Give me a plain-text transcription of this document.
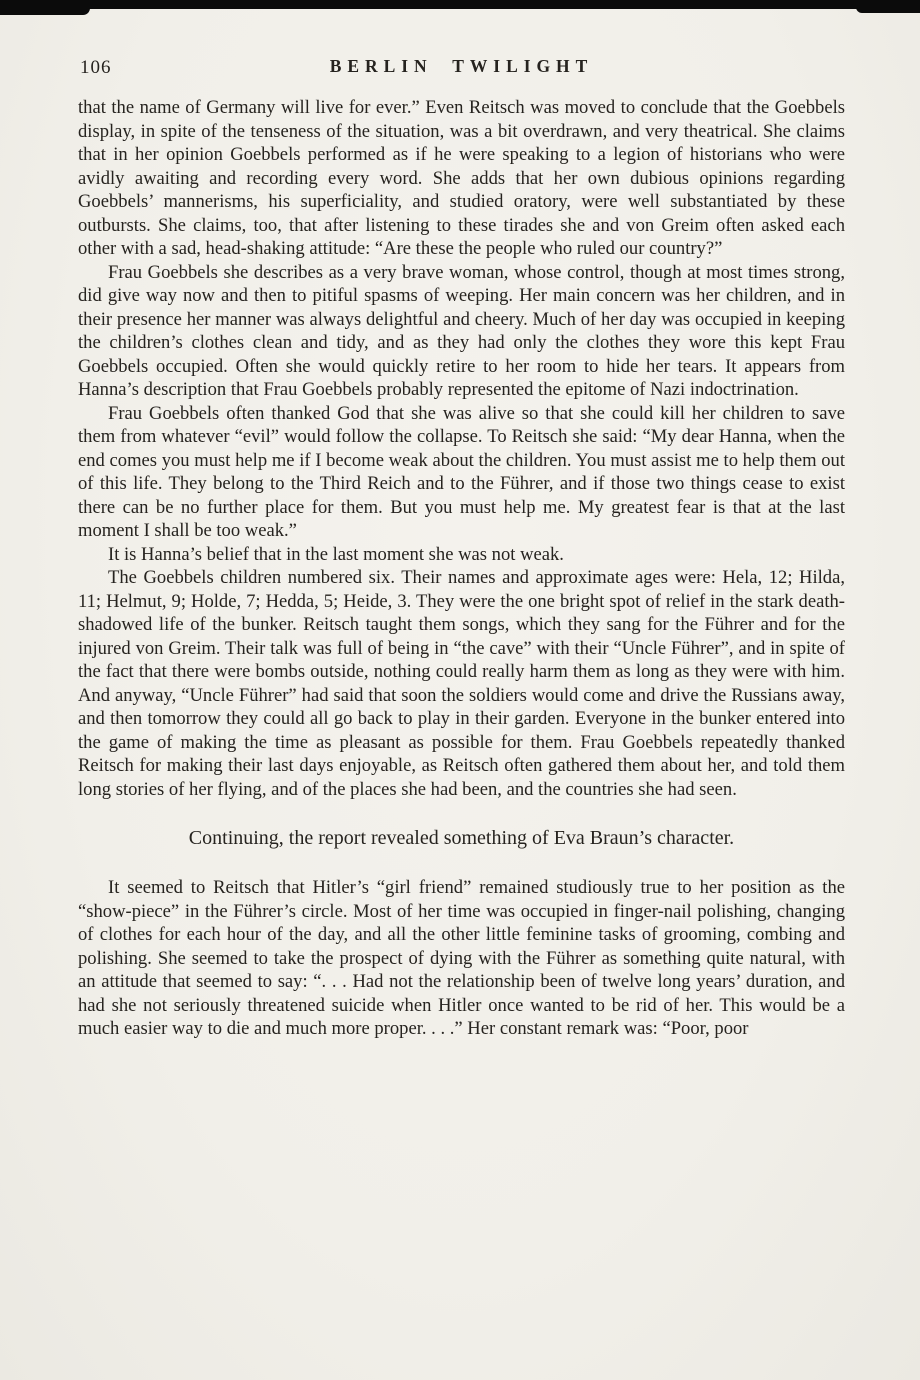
106	BERLIN TWILIGHT

that the name of Germany will live for ever.” Even Reitsch was moved to conclude that the Goebbels display, in spite of the tenseness of the situation, was a bit overdrawn, and very theatrical. She claims that in her opinion Goebbels performed as if he were speaking to a legion of historians who were avidly awaiting and recording every word. She adds that her own dubious opinions regarding Goebbels’ mannerisms, his superficiality, and studied oratory, were well substantiated by these outbursts. She claims, too, that after listening to these tirades she and von Greim often asked each other with a sad, head-shaking attitude: “Are these the people who ruled our country?”

Frau Goebbels she describes as a very brave woman, whose control, though at most times strong, did give way now and then to pitiful spasms of weeping. Her main concern was her children, and in their presence her manner was always delightful and cheery. Much of her day was occupied in keeping the children’s clothes clean and tidy, and as they had only the clothes they wore this kept Frau Goebbels occupied. Often she would quickly retire to her room to hide her tears. It appears from Hanna’s description that Frau Goebbels probably represented the epitome of Nazi indoctrination.

Frau Goebbels often thanked God that she was alive so that she could kill her children to save them from whatever “evil” would follow the collapse. To Reitsch she said: “My dear Hanna, when the end comes you must help me if I become weak about the children. You must assist me to help them out of this life. They belong to the Third Reich and to the Führer, and if those two things cease to exist there can be no further place for them. But you must help me. My greatest fear is that at the last moment I shall be too weak.”

It is Hanna’s belief that in the last moment she was not weak.

The Goebbels children numbered six. Their names and approximate ages were: Hela, 12; Hilda, 11; Helmut, 9; Holde, 7; Hedda, 5; Heide, 3. They were the one bright spot of relief in the stark death-shadowed life of the bunker. Reitsch taught them songs, which they sang for the Führer and for the injured von Greim. Their talk was full of being in “the cave” with their “Uncle Führer”, and in spite of the fact that there were bombs outside, nothing could really harm them as long as they were with him. And anyway, “Uncle Führer” had said that soon the soldiers would come and drive the Russians away, and then tomorrow they could all go back to play in their garden. Everyone in the bunker entered into the game of making the time as pleasant as possible for them. Frau Goebbels repeatedly thanked Reitsch for making their last days enjoyable, as Reitsch often gathered them about her, and told them long stories of her flying, and of the places she had been, and the countries she had seen.

Continuing, the report revealed something of Eva Braun’s character.

It seemed to Reitsch that Hitler’s “girl friend” remained studiously true to her position as the “show-piece” in the Führer’s circle. Most of her time was occupied in finger-nail polishing, changing of clothes for each hour of the day, and all the other little feminine tasks of grooming, combing and polishing. She seemed to take the prospect of dying with the Führer as something quite natural, with an attitude that seemed to say: “. . . Had not the relationship been of twelve long years’ duration, and had she not seriously threatened suicide when Hitler once wanted to be rid of her. This would be a much easier way to die and much more proper. . . .” Her constant remark was: “Poor, poor
